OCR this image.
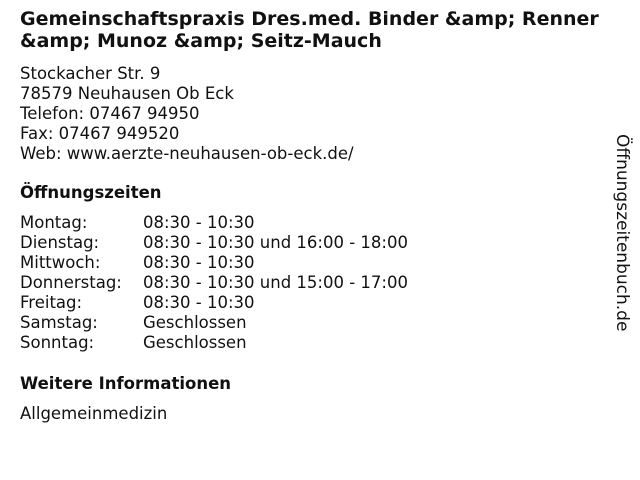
Gemeinschaftspraxis Dres.med. Binder &amp; Renner &amp; Munoz &amp; Seitz-Mauch
Stockacher Str. 9
78579 Neuhausen Ob Eck
Telefon: 07467 94950
Fax: 07467 949520
Web: www.aerzte-neuhausen-ob-eck.de/
Öffnungszeiten
Montag:	08:30 - 10:30
Dienstag:	08:30 - 10:30 und 16:00 - 18:00
Mittwoch:	08:30 - 10:30
Donnerstag:	08:30 - 10:30 und 15:00 - 17:00
Freitag:	08:30 - 10:30
Samstag:	Geschlossen
Sonntag:	Geschlossen
Weitere Informationen
Allgemeinmedizin
Öffnungszeitenbuch.de
